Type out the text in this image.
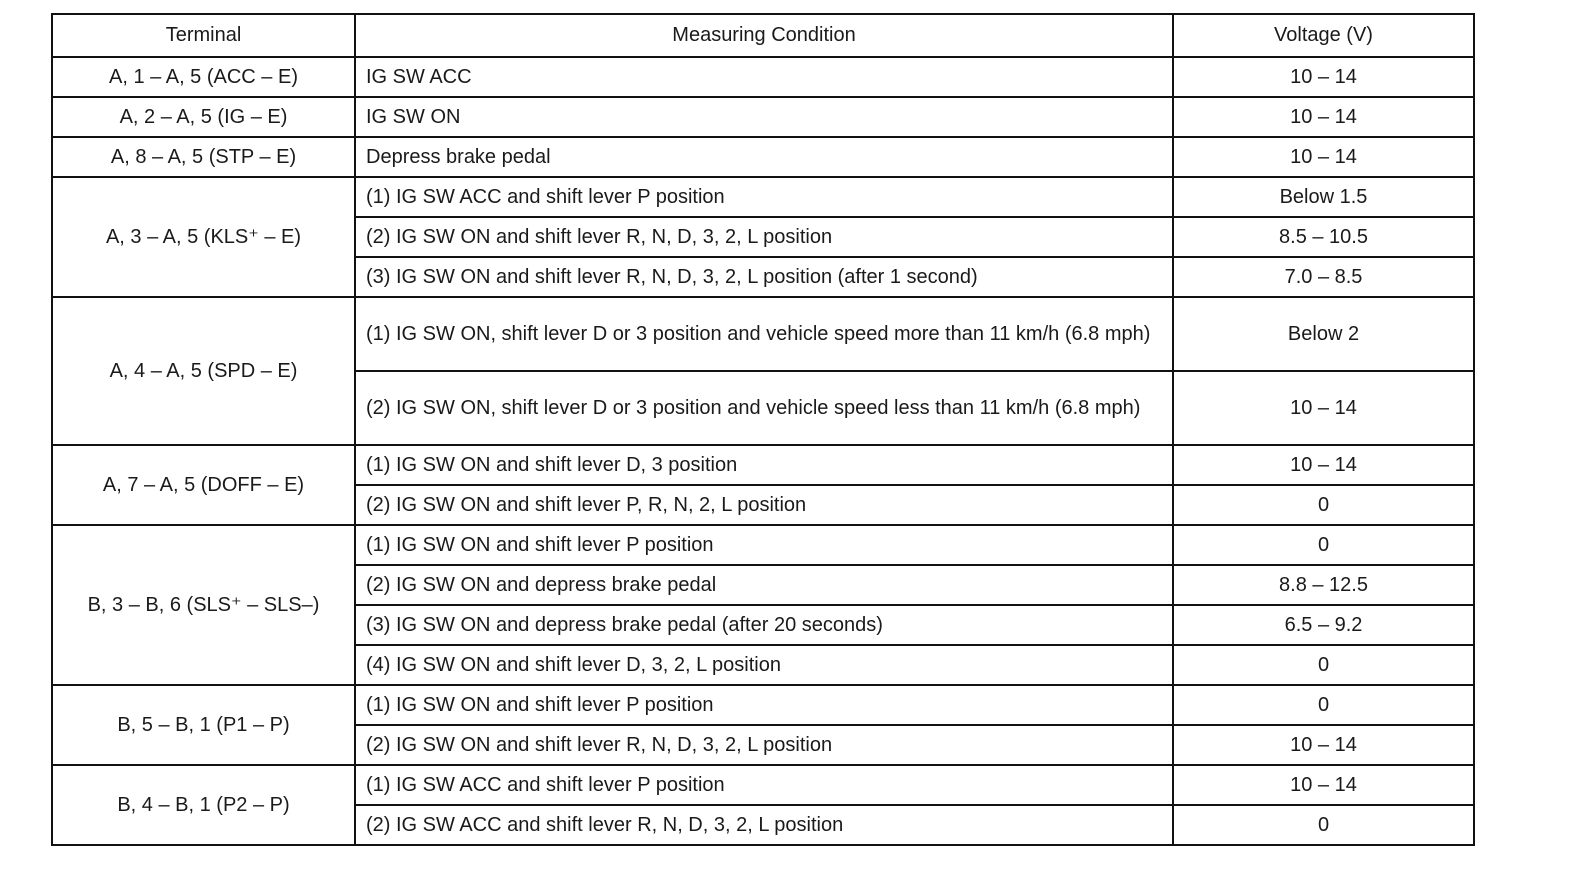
Terminal	Measuring Condition	Voltage (V)
A, 1 – A, 5 (ACC – E)	IG SW ACC	10 – 14
A, 2 – A, 5 (IG – E)	IG SW ON	10 – 14
A, 8 – A, 5 (STP – E)	Depress brake pedal	10 – 14
A, 3 – A, 5 (KLS⁺ – E)	(1) IG SW ACC and shift lever P position	Below 1.5
	(2) IG SW ON and shift lever R, N, D, 3, 2, L position	8.5 – 10.5
	(3) IG SW ON and shift lever R, N, D, 3, 2, L position (after 1 second)	7.0 – 8.5
A, 4 – A, 5 (SPD – E)	(1) IG SW ON, shift lever D or 3 position and vehicle speed more than 11 km/h (6.8 mph)	Below 2
	(2) IG SW ON, shift lever D or 3 position and vehicle speed less than 11 km/h (6.8 mph)	10 – 14
A, 7 – A, 5 (DOFF – E)	(1) IG SW ON and shift lever D, 3 position	10 – 14
	(2) IG SW ON and shift lever P, R, N, 2, L position	0
B, 3 – B, 6 (SLS⁺ – SLS–)	(1) IG SW ON and shift lever P position	0
	(2) IG SW ON and depress brake pedal	8.8 – 12.5
	(3) IG SW ON and depress brake pedal (after 20 seconds)	6.5 – 9.2
	(4) IG SW ON and shift lever D, 3, 2, L position	0
B, 5 – B, 1 (P1 – P)	(1) IG SW ON and shift lever P position	0
	(2) IG SW ON and shift lever R, N, D, 3, 2, L position	10 – 14
B, 4 – B, 1 (P2 – P)	(1) IG SW ACC and shift lever P position	10 – 14
	(2) IG SW ACC and shift lever R, N, D, 3, 2, L position	0
